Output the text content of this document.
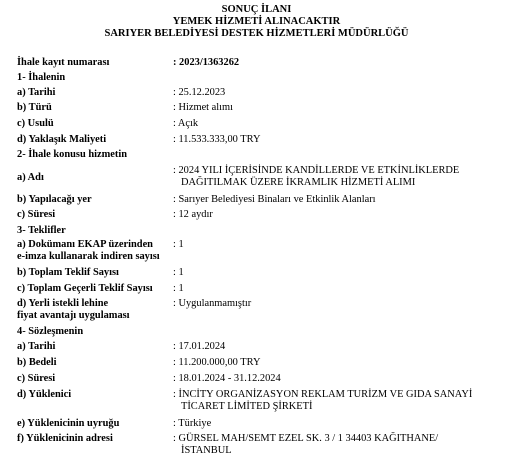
SONUÇ İLANI
YEMEK HİZMETİ ALINACAKTIR
SARIYER BELEDİYESİ DESTEK HİZMETLERİ MÜDÜRLÜĞÜ
İhale kayıt numarası	: 2023/1363262
1- İhalenin
a) Tarihi	: 25.12.2023
b) Türü	: Hizmet alımı
c) Usulü	: Açık
d) Yaklaşık Maliyeti	: 11.533.333,00 TRY
2- İhale konusu hizmetin
a) Adı
: 2024 YILI İÇERİSİNDE KANDİLLERDE VE ETKİNLİKLERDE
DAĞITILMAK ÜZERE İKRAMLIK HİZMETİ ALIMI
b) Yapılacağı yer	: Sarıyer Belediyesi Binaları ve Etkinlik Alanları
c) Süresi	: 12 aydır
3- Teklifler
a) Dokümanı EKAP üzerinden	: 1
e-imza kullanarak indiren sayısı
b) Toplam Teklif Sayısı	: 1
c) Toplam Geçerli Teklif Sayısı	: 1
d) Yerli istekli lehine	: Uygulanmamıştır
fiyat avantajı uygulaması
4- Sözleşmenin
a) Tarihi	: 17.01.2024
b) Bedeli	: 11.200.000,00 TRY
c) Süresi	: 18.01.2024 - 31.12.2024
d) Yüklenici	: İNCİTY ORGANİZASYON REKLAM TURİZM VE GIDA SANAYİ
TİCARET LİMİTED ŞİRKETİ
e) Yüklenicinin uyruğu	: Türkiye
f) Yüklenicinin adresi	: GÜRSEL MAH/SEMT EZEL SK. 3 / 1 34403 KAĞITHANE/
İSTANBUL
